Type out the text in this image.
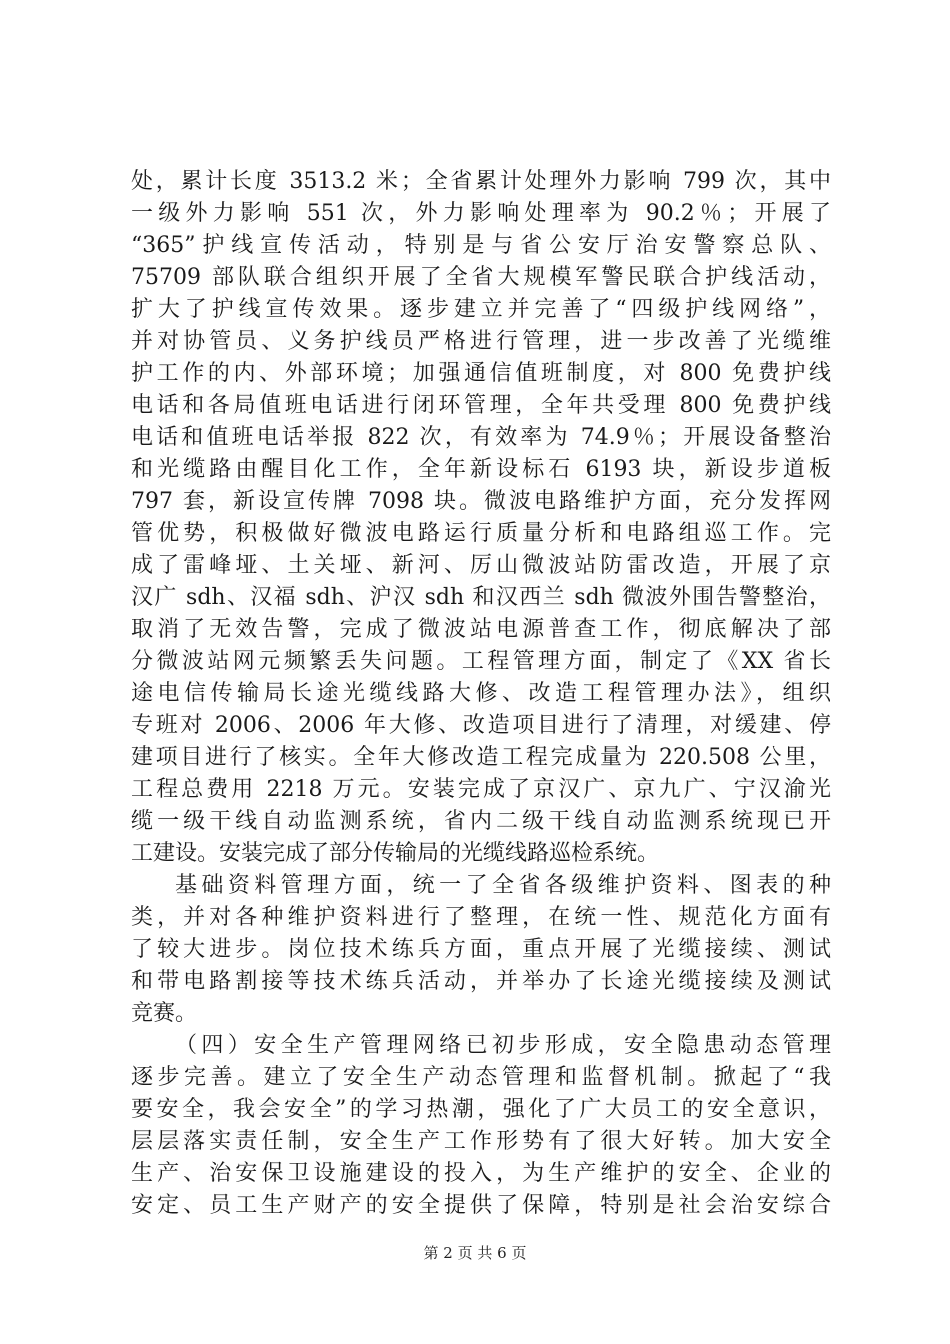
处，累计长度 3513.2 米；全省累计处理外力影响 799 次，其中
一级外力影响 551 次，外力影响处理率为 90.2％；开展了
“365”护线宣传活动，特别是与省公安厅治安警察总队、
75709 部队联合组织开展了全省大规模军警民联合护线活动，
扩大了护线宣传效果。逐步建立并完善了“四级护线网络”，
并对协管员、义务护线员严格进行管理，进一步改善了光缆维
护工作的内、外部环境；加强通信值班制度，对 800 免费护线
电话和各局值班电话进行闭环管理，全年共受理 800 免费护线
电话和值班电话举报 822 次，有效率为 74.9％；开展设备整治
和光缆路由醒目化工作，全年新设标石 6193 块，新设步道板
797 套，新设宣传牌 7098 块。微波电路维护方面，充分发挥网
管优势，积极做好微波电路运行质量分析和电路组巡工作。完
成了雷峰垭、土关垭、新河、厉山微波站防雷改造，开展了京
汉广 sdh、汉福 sdh、沪汉 sdh 和汉西兰 sdh 微波外围告警整治，
取消了无效告警，完成了微波站电源普查工作，彻底解决了部
分微波站网元频繁丢失问题。工程管理方面，制定了《XX 省长
途电信传输局长途光缆线路大修、改造工程管理办法》，组织
专班对 2006、2006 年大修、改造项目进行了清理，对缓建、停
建项目进行了核实。全年大修改造工程完成量为 220.508 公里，
工程总费用 2218 万元。安装完成了京汉广、京九广、宁汉渝光
缆一级干线自动监测系统，省内二级干线自动监测系统现已开
工建设。安装完成了部分传输局的光缆线路巡检系统。
基础资料管理方面，统一了全省各级维护资料、图表的种
类，并对各种维护资料进行了整理，在统一性、规范化方面有
了较大进步。岗位技术练兵方面，重点开展了光缆接续、测试
和带电路割接等技术练兵活动，并举办了长途光缆接续及测试
竞赛。
（四）安全生产管理网络已初步形成，安全隐患动态管理
逐步完善。建立了安全生产动态管理和监督机制。掀起了“我
要安全，我会安全”的学习热潮，强化了广大员工的安全意识，
层层落实责任制，安全生产工作形势有了很大好转。加大安全
生产、治安保卫设施建设的投入，为生产维护的安全、企业的
安定、员工生产财产的安全提供了保障，特别是社会治安综合
第 2 页 共 6 页
